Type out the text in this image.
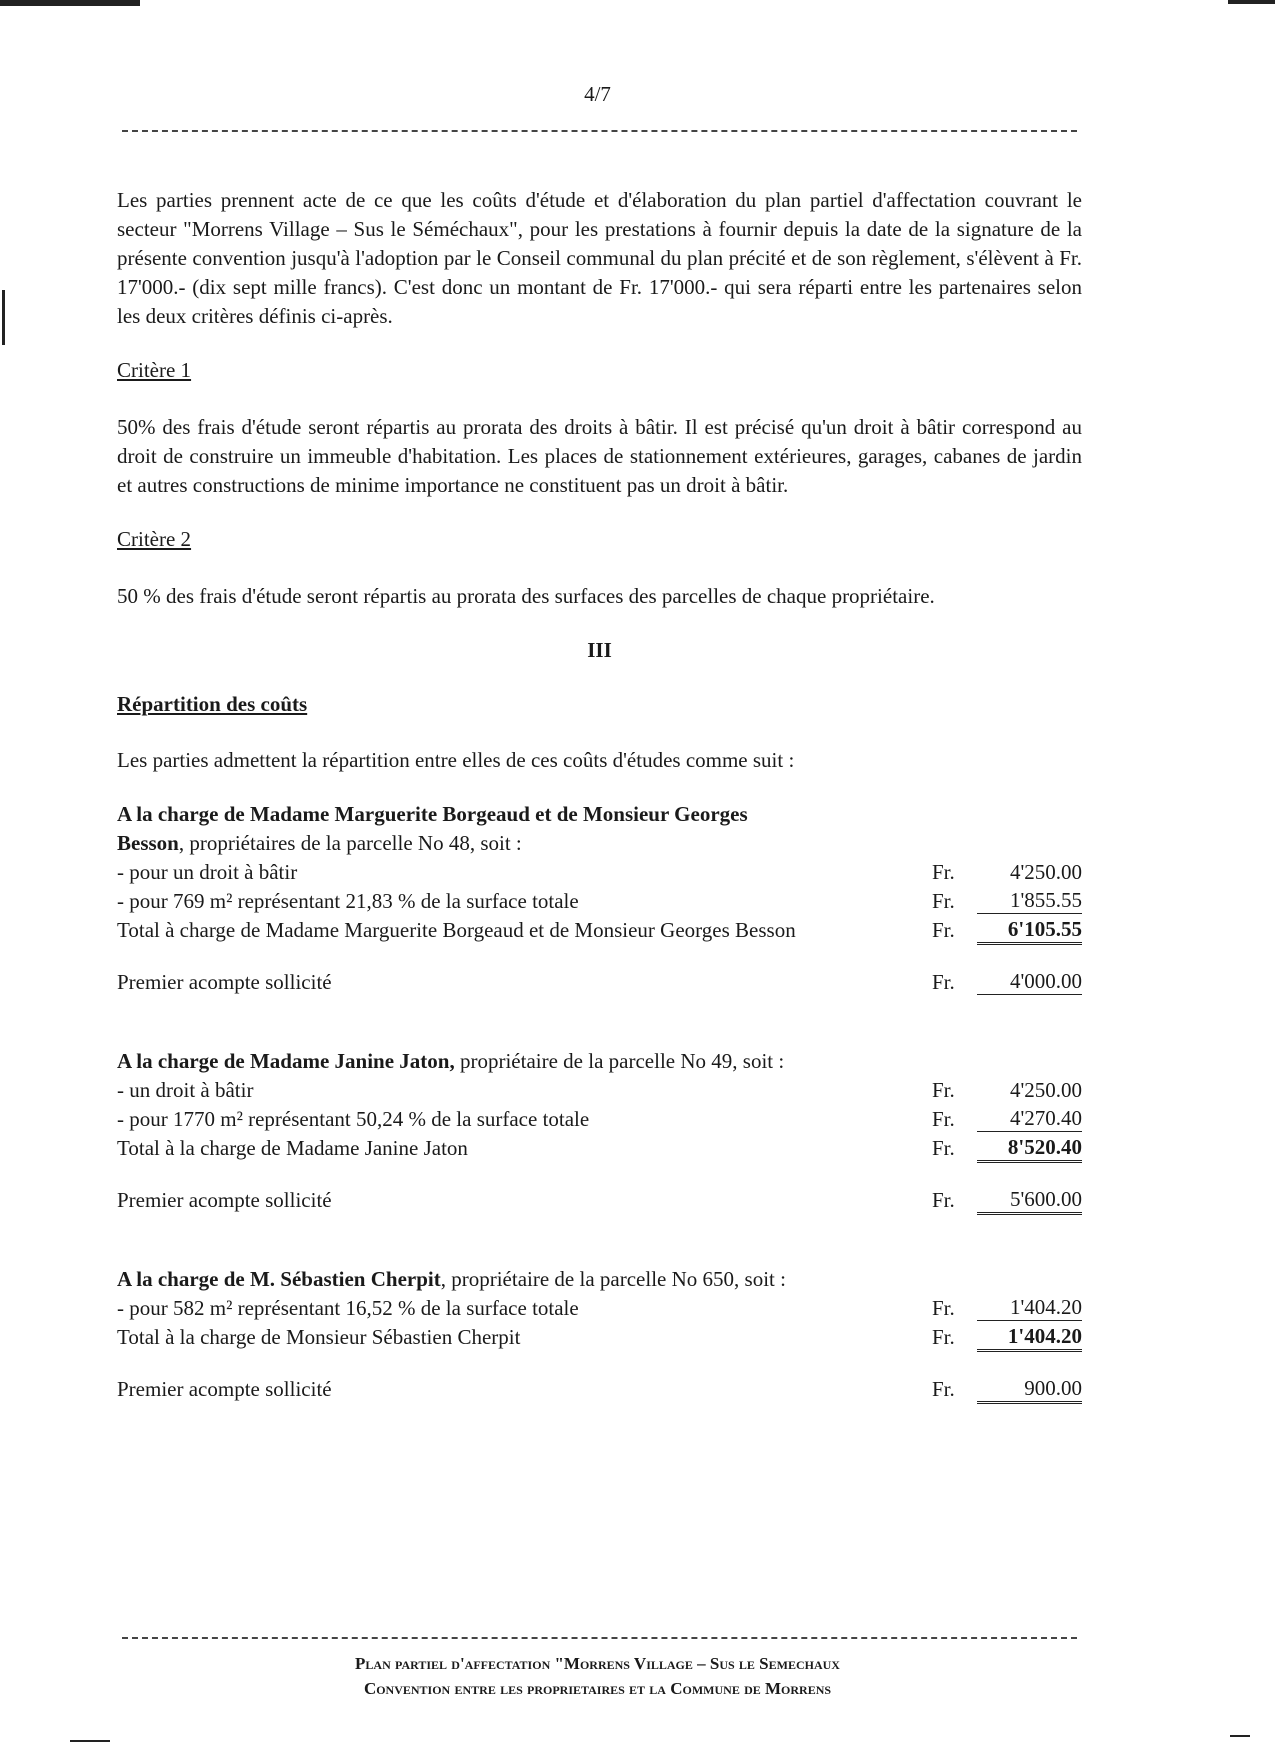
4/7

Les parties prennent acte de ce que les coûts d'étude et d'élaboration du plan partiel d'affectation couvrant le secteur "Morrens Village – Sus le Séméchaux", pour les prestations à fournir depuis la date de la signature de la présente convention jusqu'à l'adoption par le Conseil communal du plan précité et de son règlement, s'élèvent à Fr. 17'000.- (dix sept mille francs). C'est donc un montant de Fr. 17'000.- qui sera réparti entre les partenaires selon les deux critères définis ci-après.

Critère 1

50% des frais d'étude seront répartis au prorata des droits à bâtir. Il est précisé qu'un droit à bâtir correspond au droit de construire un immeuble d'habitation. Les places de stationnement extérieures, garages, cabanes de jardin et autres constructions de minime importance ne constituent pas un droit à bâtir.

Critère 2

50 % des frais d'étude seront répartis au prorata des surfaces des parcelles de chaque propriétaire.

III

Répartition des coûts

Les parties admettent la répartition entre elles de ces coûts d'études comme suit :

A la charge de Madame Marguerite Borgeaud et de Monsieur Georges
Besson, propriétaires de la parcelle No 48, soit :
- pour un droit à bâtir	Fr.	4'250.00
- pour 769 m² représentant 21,83 % de la surface totale	Fr.	1'855.55
Total à charge de Madame Marguerite Borgeaud et de Monsieur Georges Besson	Fr.	6'105.55
Premier acompte sollicité	Fr.	4'000.00
A la charge de Madame Janine Jaton, propriétaire de la parcelle No 49, soit :
- un droit à bâtir	Fr.	4'250.00
- pour 1770 m² représentant 50,24 % de la surface totale	Fr.	4'270.40
Total à la charge de Madame Janine Jaton	Fr.	8'520.40
Premier acompte sollicité	Fr.	5'600.00
A la charge de M. Sébastien Cherpit, propriétaire de la parcelle No 650, soit :
- pour 582 m² représentant 16,52 % de la surface totale	Fr.	1'404.20
Total à la charge de Monsieur Sébastien Cherpit	Fr.	1'404.20
Premier acompte sollicité	Fr.	900.00
Plan partiel d'affectation "Morrens Village – Sus le Semechaux
Convention entre les proprietaires et la Commune de Morrens
